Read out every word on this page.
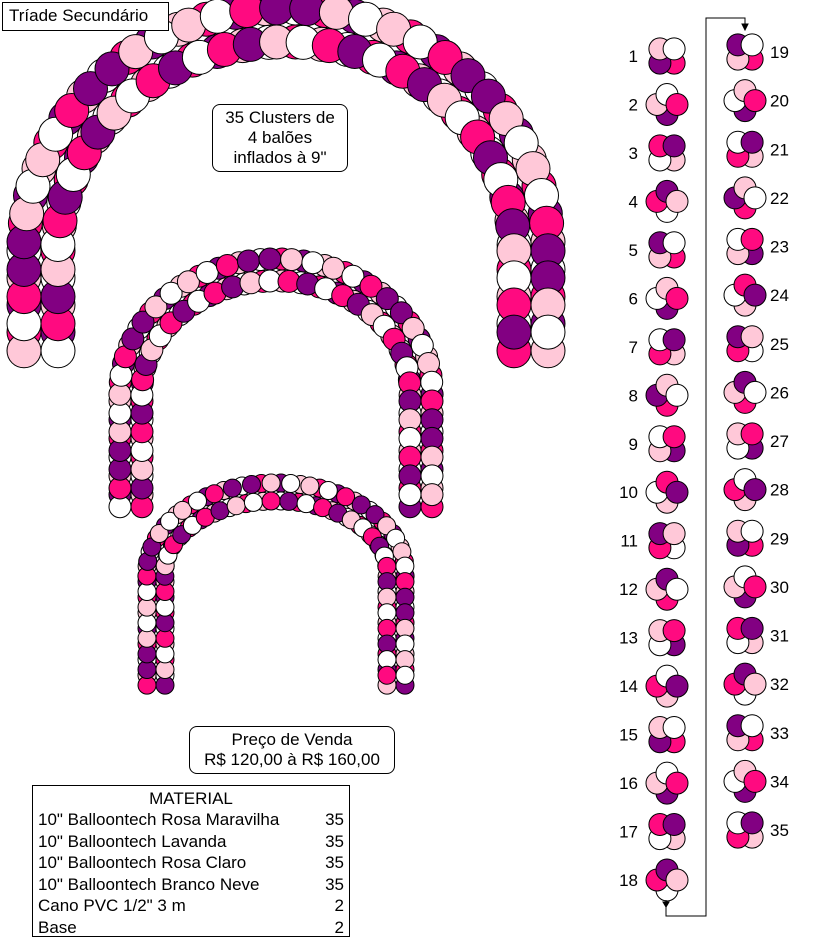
1
2
3
4
5
6
7
8
9
10
11
12
13
14
15
16
17
18
19
20
21
22
23
24
25
26
27
28
29
30
31
32
33
34
35
Tríade Secundário
35 Clusters de
4 balões
inflados à 9"
Preço de Venda
R$ 120,00 à R$ 160,00
MATERIAL
10" Balloontech Rosa Maravilha	35
10" Balloontech Lavanda	35
10" Balloontech Rosa Claro	35
10" Balloontech Branco Neve	35
Cano PVC 1/2" 3 m	2
Base	2
